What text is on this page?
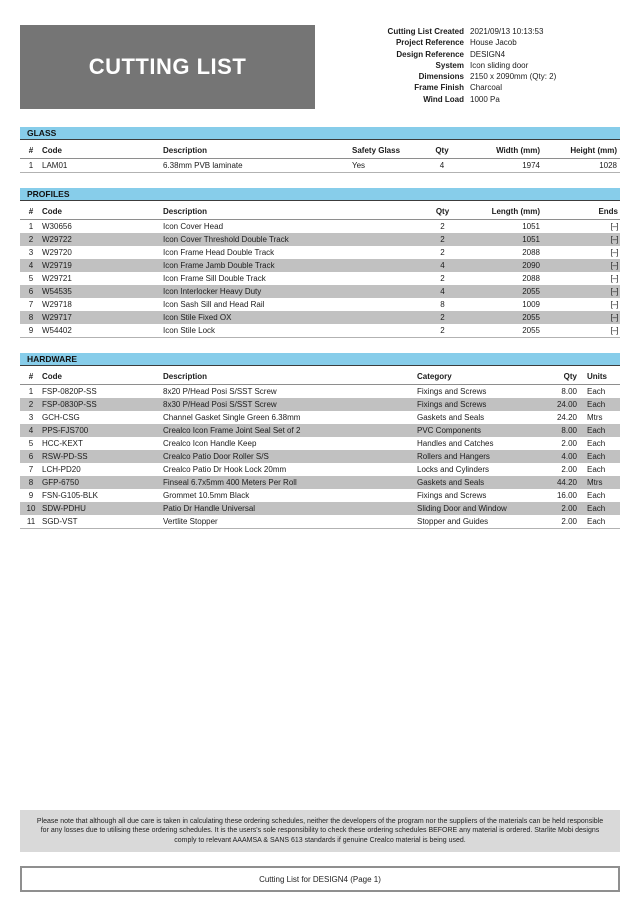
CUTTING LIST
Cutting List Created 2021/09/13 10:13:53
Project Reference House Jacob
Design Reference DESIGN4
System Icon sliding door
Dimensions 2150 x 2090mm (Qty: 2)
Frame Finish Charcoal
Wind Load 1000 Pa
GLASS
#	Code	Description	Safety Glass	Qty	Width (mm)	Height (mm)
1	LAM01	6.38mm PVB laminate	Yes	4	1974	1028
PROFILES
#	Code	Description	Qty	Length (mm)	Ends
1	W30656	Icon Cover Head	2	1051	[–]
2	W29722	Icon Cover Threshold Double Track	2	1051	[–]
3	W29720	Icon Frame Head Double Track	2	2088	[–]
4	W29719	Icon Frame Jamb Double Track	4	2090	[–]
5	W29721	Icon Frame Sill Double Track	2	2088	[–]
6	W54535	Icon Interlocker Heavy Duty	4	2055	[–]
7	W29718	Icon Sash Sill and Head Rail	8	1009	[–]
8	W29717	Icon Stile Fixed OX	2	2055	[–]
9	W54402	Icon Stile Lock	2	2055	[–]
HARDWARE
#	Code	Description	Category	Qty	Units
1	FSP-0820P-SS	8x20 P/Head Posi S/SST Screw	Fixings and Screws	8.00	Each
2	FSP-0830P-SS	8x30 P/Head Posi S/SST Screw	Fixings and Screws	24.00	Each
3	GCH-CSG	Channel Gasket Single Green 6.38mm	Gaskets and Seals	24.20	Mtrs
4	PPS-FJS700	Crealco Icon Frame Joint Seal Set of 2	PVC Components	8.00	Each
5	HCC-KEXT	Crealco Icon Handle Keep	Handles and Catches	2.00	Each
6	RSW-PD-SS	Crealco Patio Door Roller S/S	Rollers and Hangers	4.00	Each
7	LCH-PD20	Crealco Patio Dr Hook Lock 20mm	Locks and Cylinders	2.00	Each
8	GFP-6750	Finseal 6.7x5mm 400 Meters Per Roll	Gaskets and Seals	44.20	Mtrs
9	FSN-G105-BLK	Grommet 10.5mm Black	Fixings and Screws	16.00	Each
10	SDW-PDHU	Patio Dr Handle Universal	Sliding Door and Window	2.00	Each
11	SGD-VST	Vertlite Stopper	Stopper and Guides	2.00	Each
Please note that although all due care is taken in calculating these ordering schedules, neither the developers of the program nor the suppliers of the materials can be held responsible for any losses due to utilising these ordering schedules. It is the users's sole responsibility to check these ordering schedules BEFORE any material is ordered. Starlite Mobi designs comply to relevant AAAMSA & SANS 613 standards if genuine Crealco material is being used.
Cutting List for DESIGN4 (Page 1)
